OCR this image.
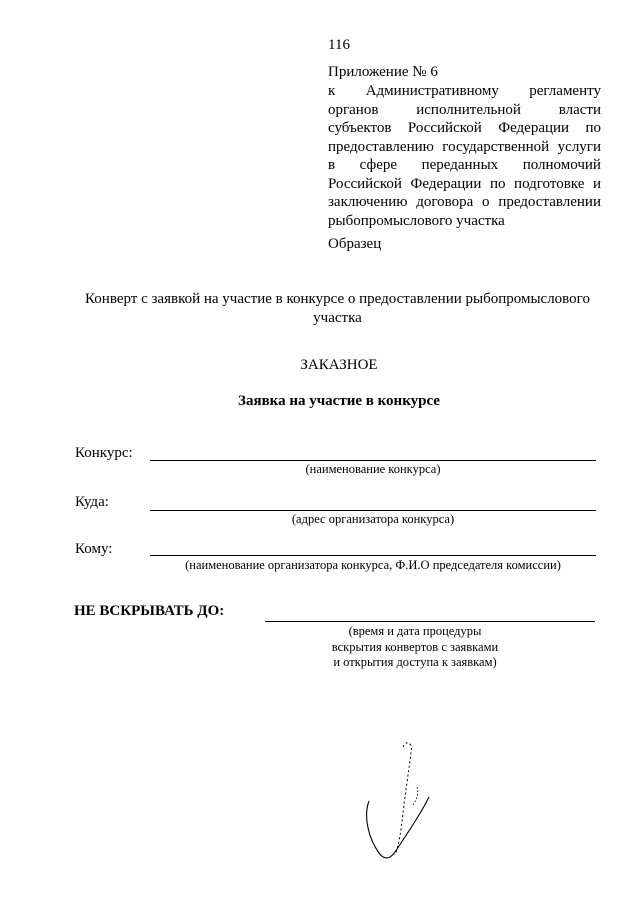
116
Приложение № 6
к Административному регламенту
органов	исполнительной	власти
субъектов Российской Федерации по
предоставлению государственной услуги
в сфере переданных полномочий
Российской Федерации по подготовке и
заключению договора о предоставлении
рыбопромыслового участка
Образец
Конверт с заявкой на участие в конкурсе о предоставлении рыбопромыслового
участка
ЗАКАЗНОЕ
Заявка на участие в конкурсе
Конкурс:
(наименование конкурса)
Куда:
(адрес организатора конкурса)
Кому:
(наименование организатора конкурса, Ф.И.О председателя комиссии)
НЕ ВСКРЫВАТЬ ДО:
(время и дата процедуры
вскрытия конвертов с заявками
и открытия доступа к заявкам)
